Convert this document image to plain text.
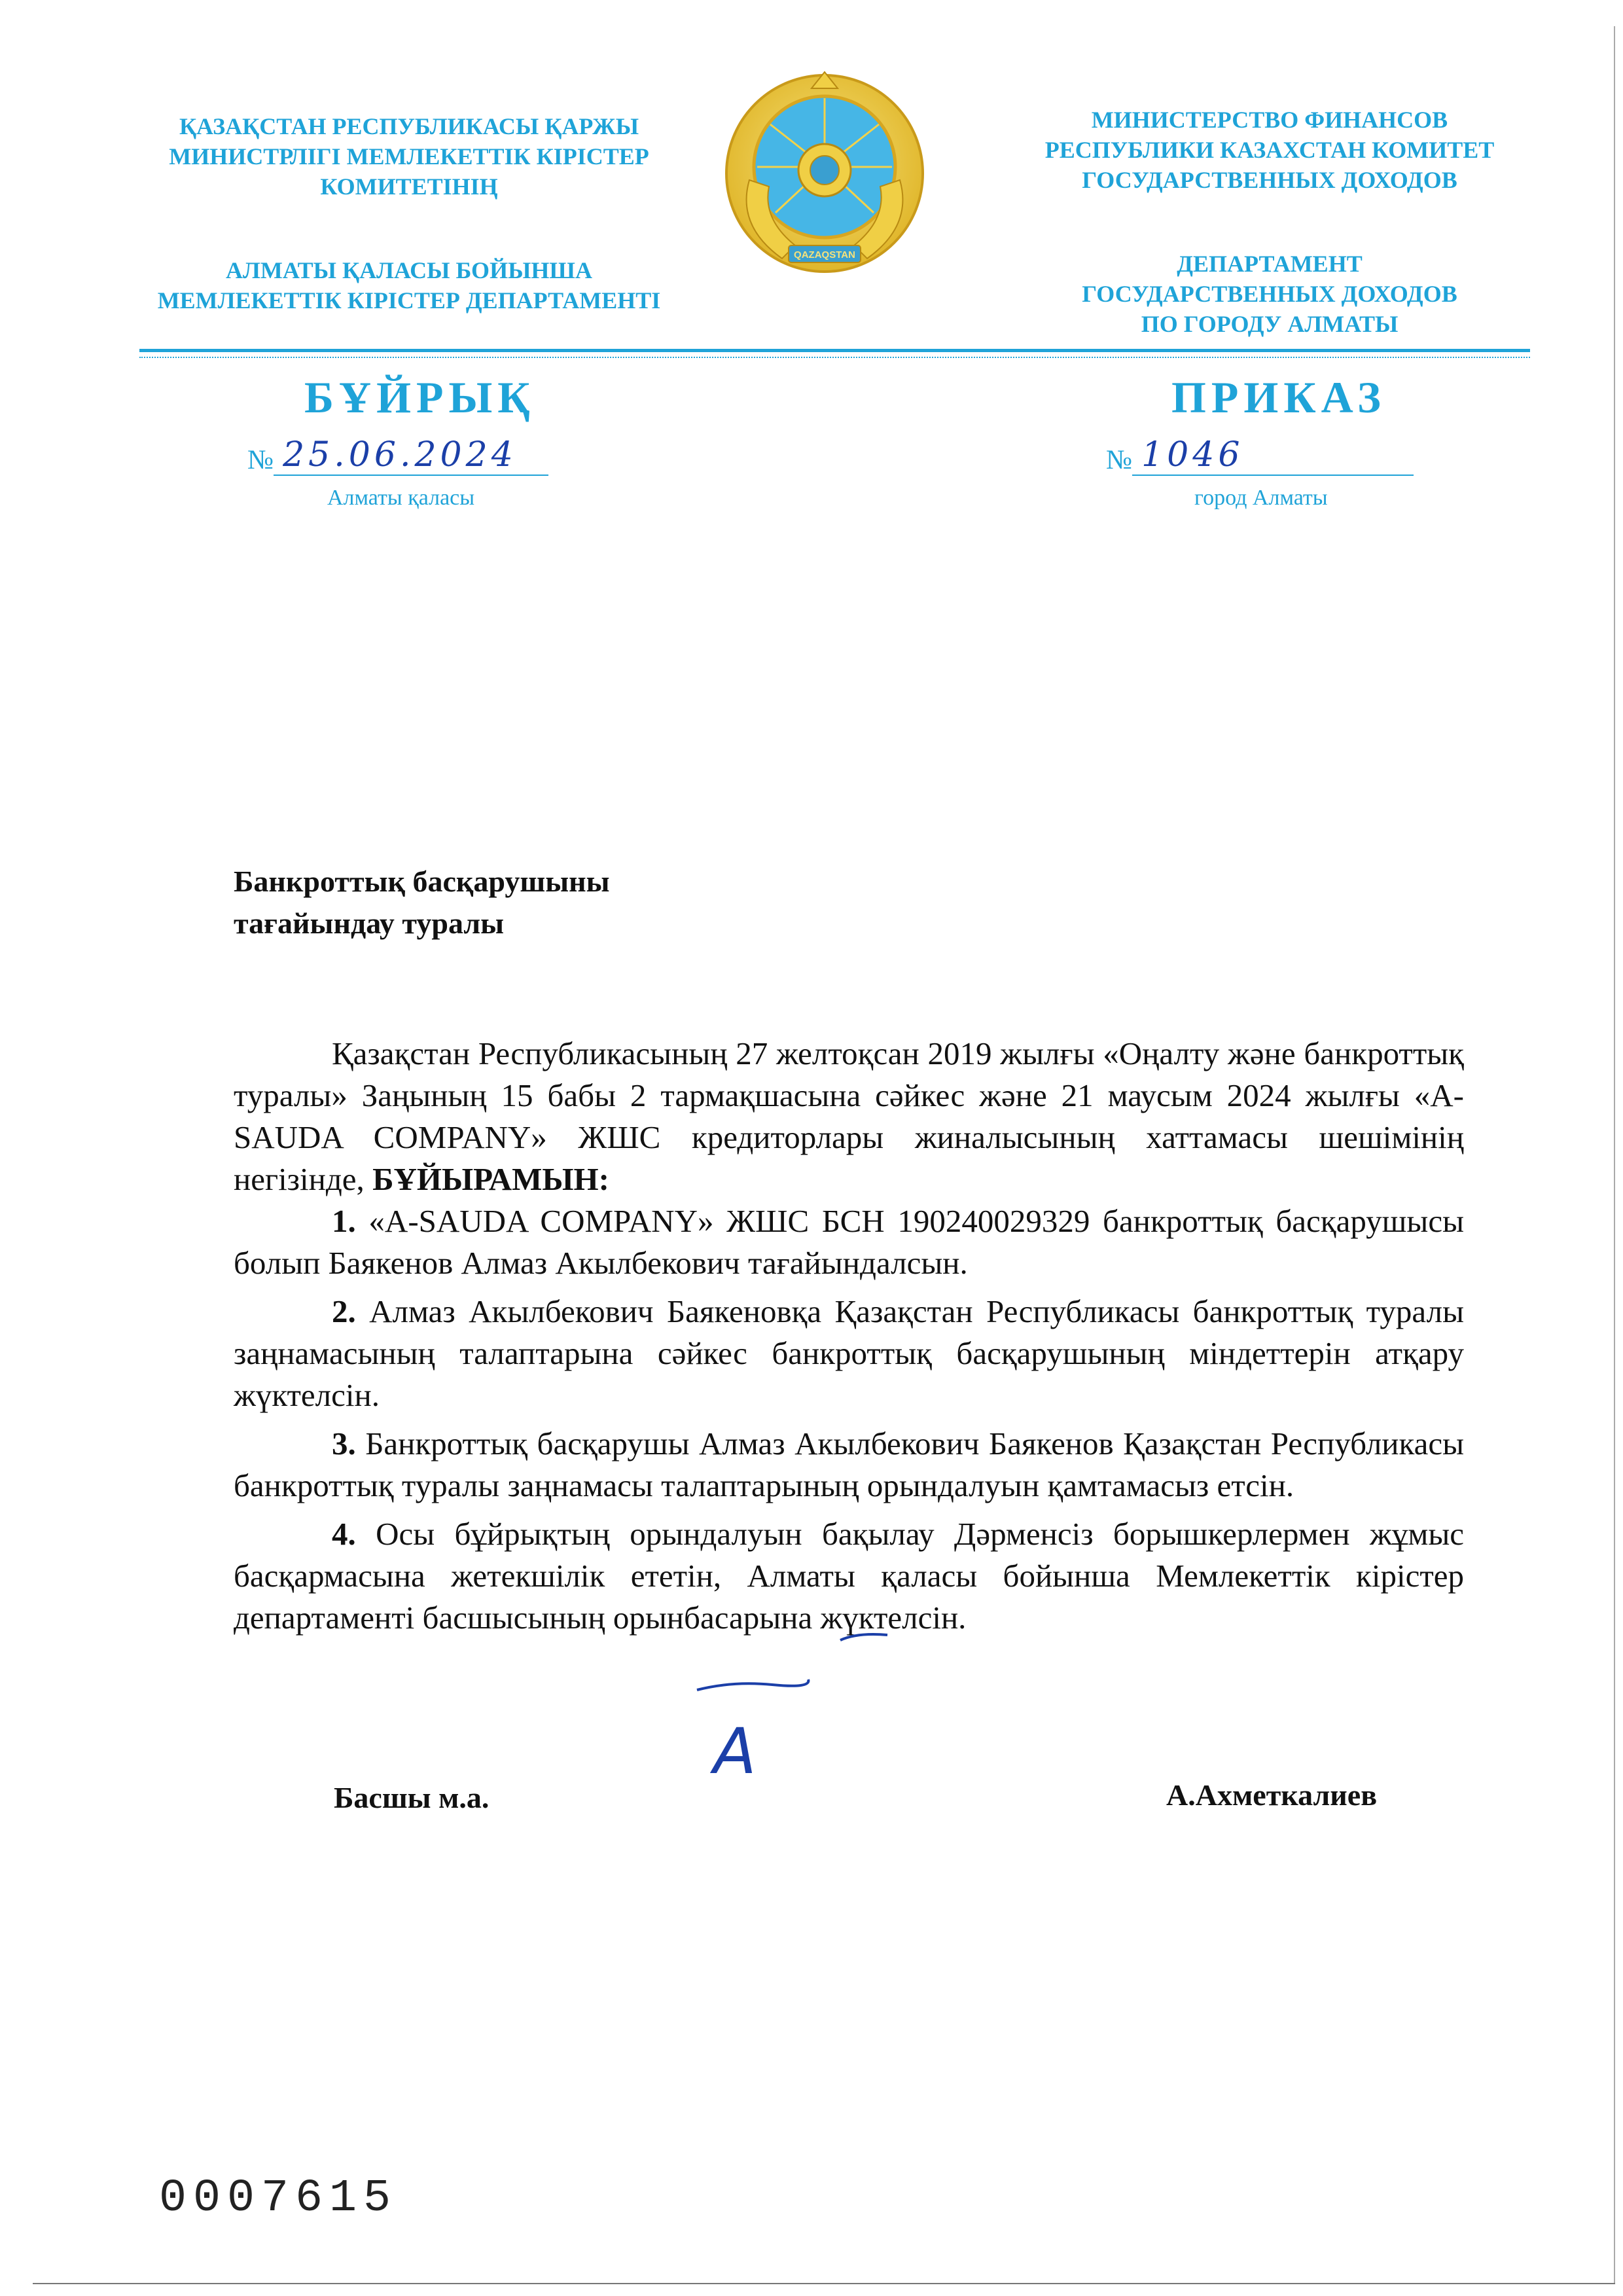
ҚАЗАҚСТАН РЕСПУБЛИКАСЫ ҚАРЖЫ
МИНИСТРЛІГІ МЕМЛЕКЕТТІК КІРІСТЕР
КОМИТЕТІНІҢ
АЛМАТЫ ҚАЛАСЫ БОЙЫНША
МЕМЛЕКЕТТІК КІРІСТЕР ДЕПАРТАМЕНТІ
QAZAQSTAN
МИНИСТЕРСТВО ФИНАНСОВ
РЕСПУБЛИКИ КАЗАХСТАН КОМИТЕТ
ГОСУДАРСТВЕННЫХ ДОХОДОВ
ДЕПАРТАМЕНТ
ГОСУДАРСТВЕННЫХ ДОХОДОВ
ПО ГОРОДУ АЛМАТЫ
БҰЙРЫҚ	ПРИКАЗ
№ 25.06.2024	№ 1046
Алматы қаласы	город Алматы
Банкроттық басқарушыны
тағайындау туралы

Қазақстан Республикасының 27 желтоқсан 2019 жылғы «Оңалту және банкроттық туралы» Заңының 15 бабы 2 тармақшасына сәйкес және 21 маусым 2024 жылғы «A-SAUDA COMPANY» ЖШС кредиторлары жиналысының хаттамасы шешімінің негізінде, БҰЙЫРАМЫН:

1. «A-SAUDA COMPANY» ЖШС БСН 190240029329 банкроттық басқарушысы болып Баякенов Алмаз Акылбекович тағайындалсын.

2. Алмаз Акылбекович Баякеновқа Қазақстан Республикасы банкроттық туралы заңнамасының талаптарына сәйкес банкроттық басқарушының міндеттерін атқару жүктелсін.

3. Банкроттық басқарушы Алмаз Акылбекович Баякенов Қазақстан Республикасы банкроттық туралы заңнамасы талаптарының орындалуын қамтамасыз етсін.

4. Осы бұйрықтың орындалуын бақылау Дәрменсіз борышкерлермен жұмыс басқармасына жетекшілік ететін, Алматы қаласы бойынша Мемлекеттік кірістер департаменті басшысының орынбасарына жүктелсін.

A
Басшы м.а.	А.Ахметкалиев
0007615
